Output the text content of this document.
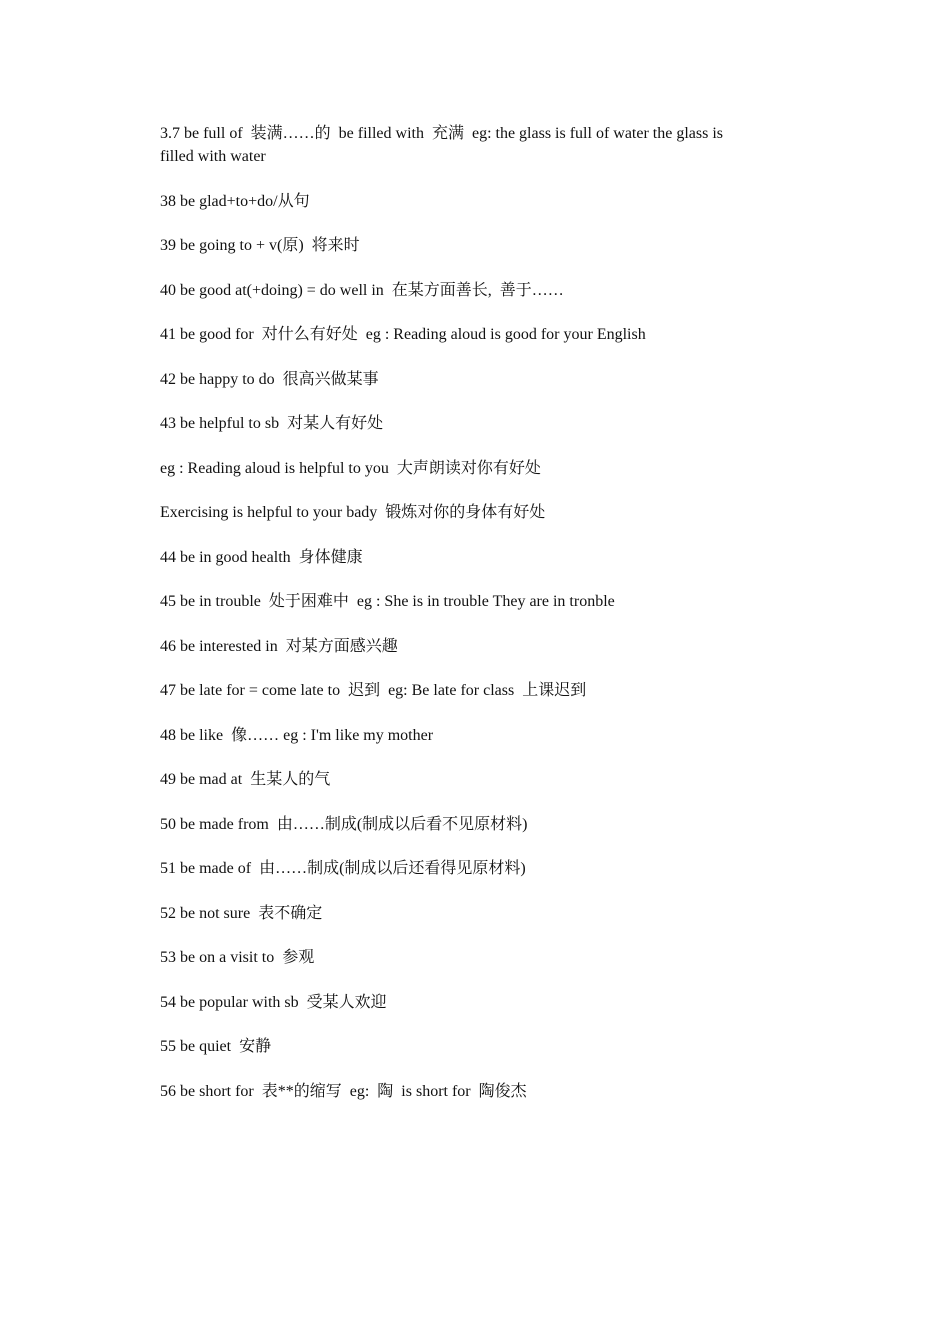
3.7 be full of  装满……的  be filled with  充满  eg: the glass is full of water the glass is filled with water

38 be glad+to+do/从句

39 be going to + v(原)  将来时

40 be good at(+doing) = do well in  在某方面善长,  善于……

41 be good for  对什么有好处  eg : Reading aloud is good for your English

42 be happy to do  很高兴做某事

43 be helpful to sb  对某人有好处

eg : Reading aloud is helpful to you  大声朗读对你有好处

Exercising is helpful to your bady  锻炼对你的身体有好处

44 be in good health  身体健康

45 be in trouble  处于困难中  eg : She is in trouble They are in tronble

46 be interested in  对某方面感兴趣

47 be late for = come late to  迟到  eg: Be late for class  上课迟到

48 be like  像…… eg : I'm like my mother

49 be mad at  生某人的气

50 be made from  由……制成(制成以后看不见原材料)

51 be made of  由……制成(制成以后还看得见原材料)

52 be not sure  表不确定

53 be on a visit to  参观

54 be popular with sb  受某人欢迎

55 be quiet  安静

56 be short for  表**的缩写  eg:  陶  is short for  陶俊杰
